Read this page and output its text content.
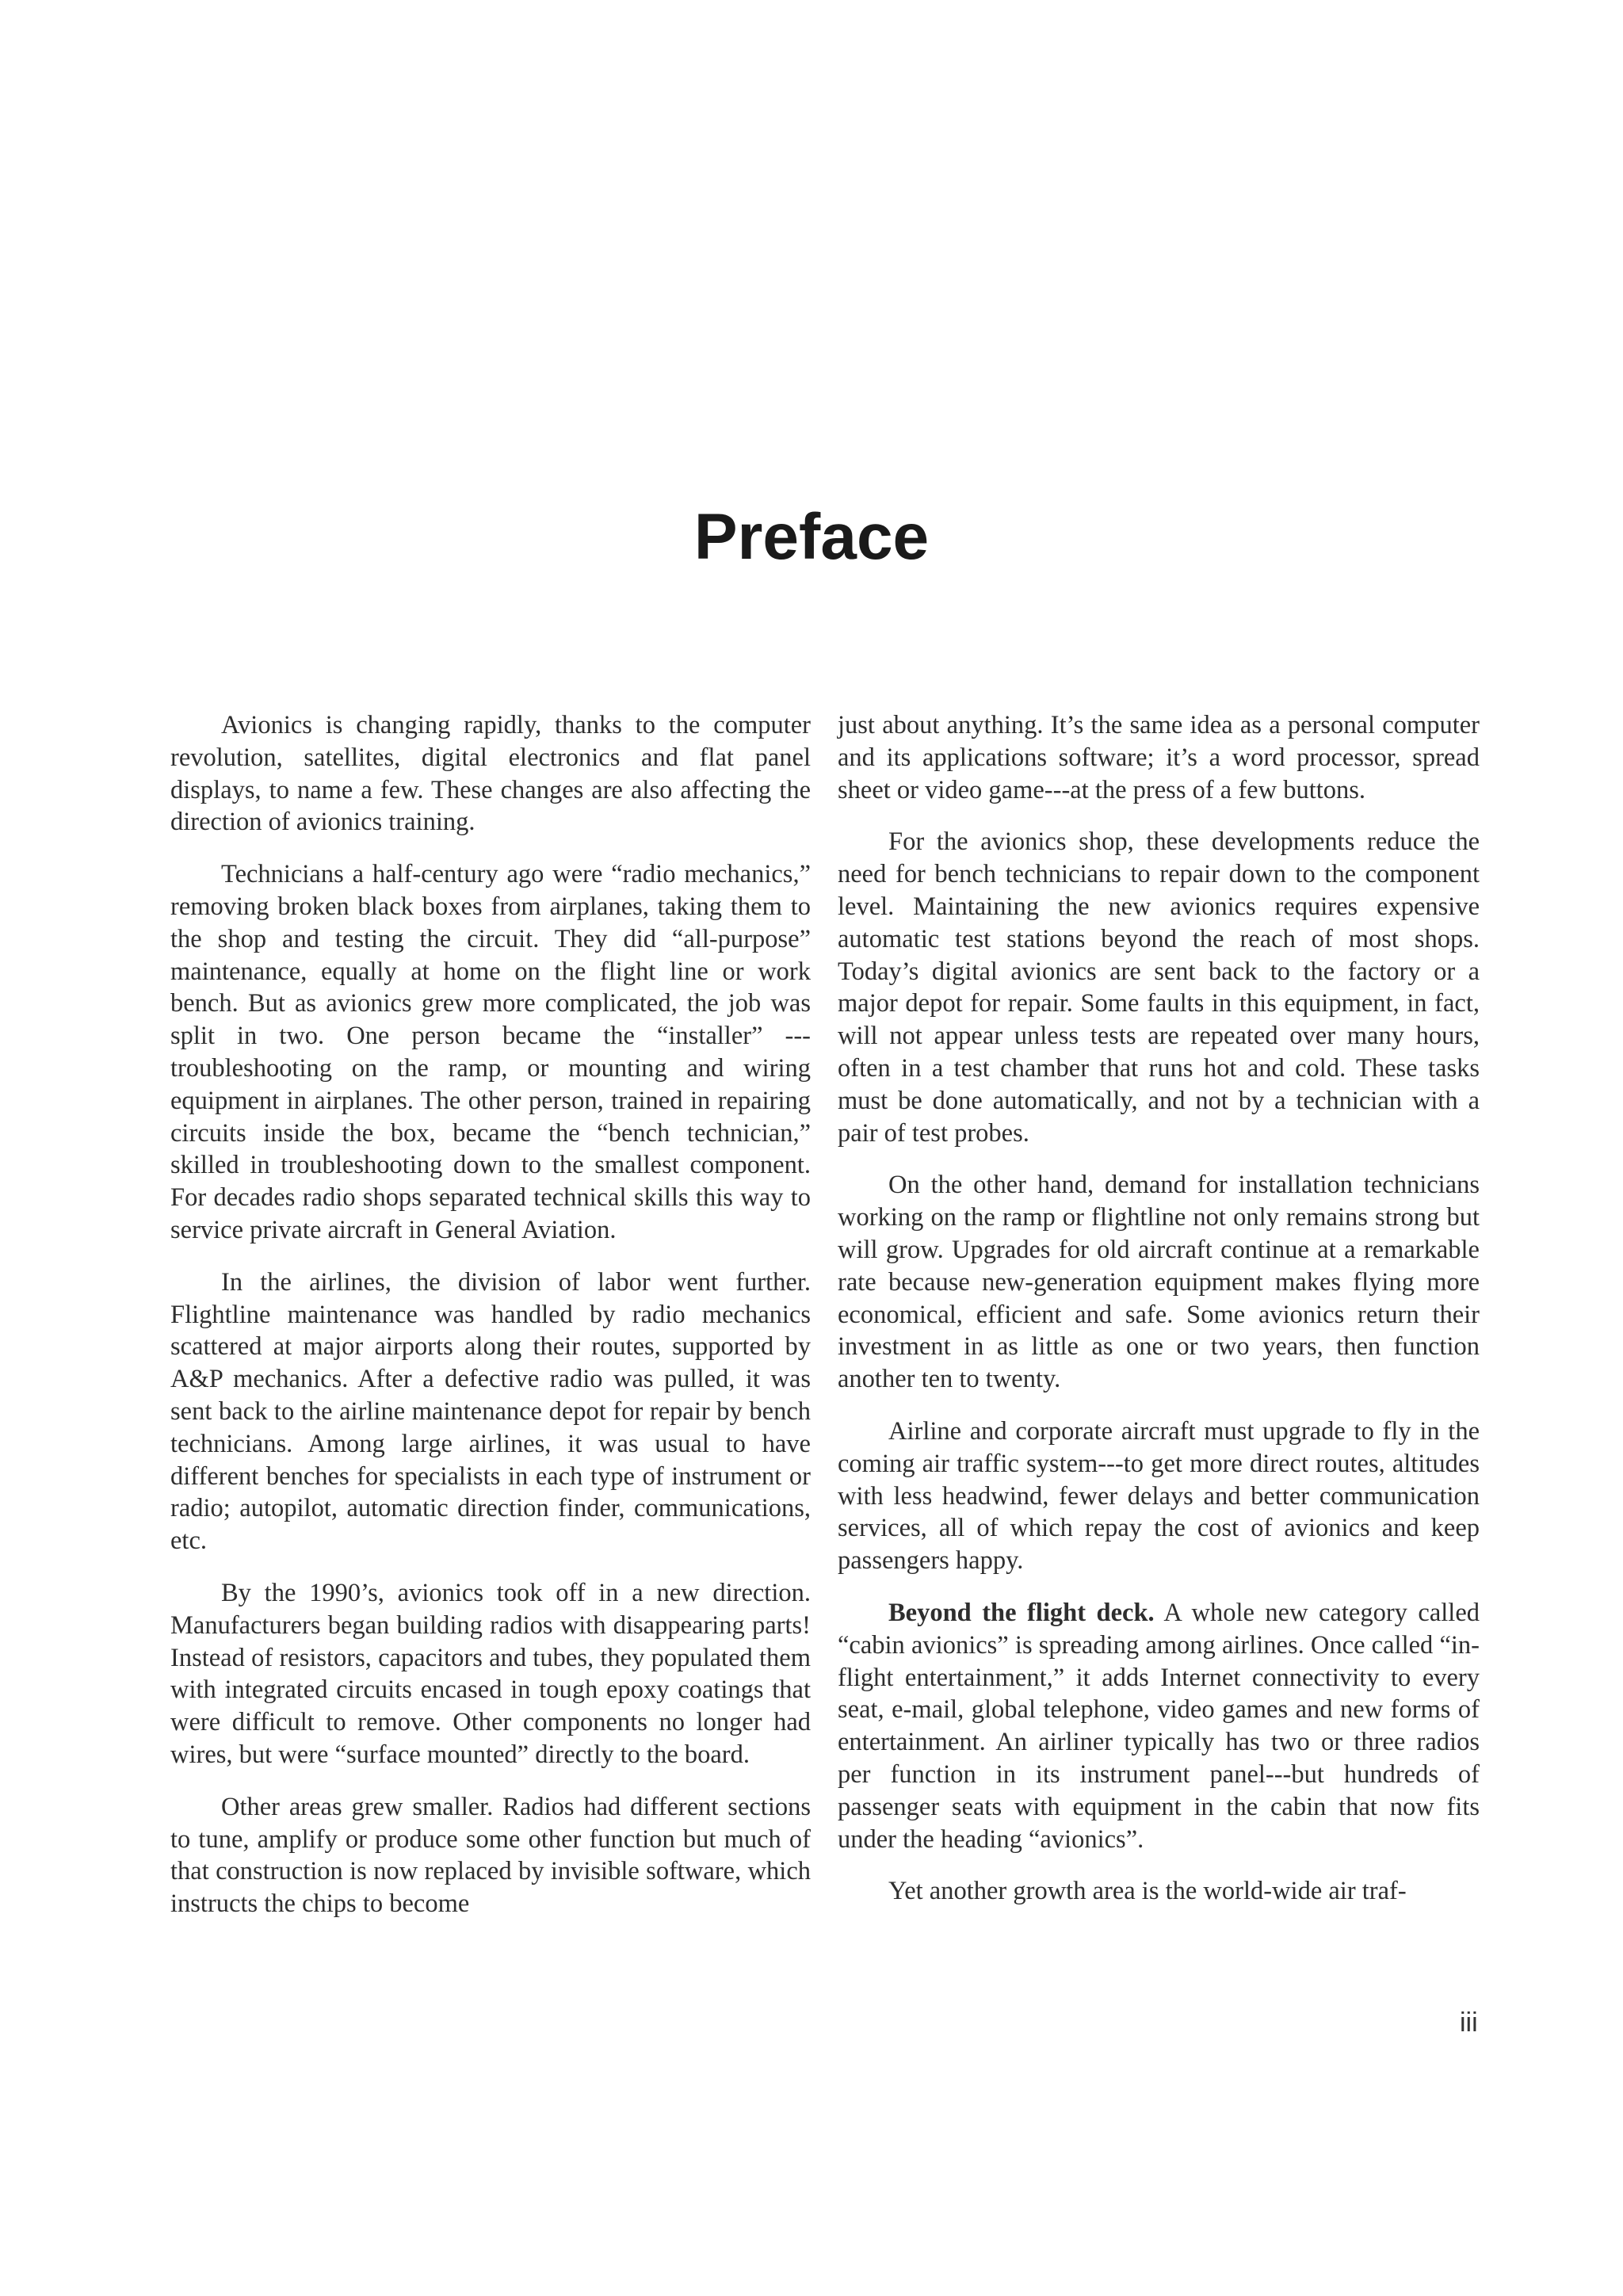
Preface

Avionics is changing rapidly, thanks to the computer revolution, satellites, digital electronics and flat panel displays, to name a few. These changes are also affecting the direction of avionics training.

Technicians a half-century ago were “radio mechanics,” removing broken black boxes from airplanes, taking them to the shop and testing the circuit. They did “all-purpose” maintenance, equally at home on the flight line or work bench. But as avionics grew more complicated, the job was split in two. One person became the “installer” ---troubleshooting on the ramp, or mounting and wiring equipment in airplanes. The other person, trained in repairing circuits inside the box, became the “bench technician,” skilled in troubleshooting down to the smallest component. For decades radio shops separated technical skills this way to service private aircraft in General Aviation.

In the airlines, the division of labor went further. Flightline maintenance was handled by radio mechanics scattered at major airports along their routes, supported by A&P mechanics. After a defective radio was pulled, it was sent back to the airline maintenance depot for repair by bench technicians. Among large airlines, it was usual to have different benches for specialists in each type of instrument or radio; autopilot, automatic direction finder, communications, etc.

By the 1990’s, avionics took off in a new direction. Manufacturers began building radios with disappearing parts! Instead of resistors, capacitors and tubes, they populated them with integrated circuits encased in tough epoxy coatings that were difficult to remove. Other components no longer had wires, but were “surface mounted” directly to the board.

Other areas grew smaller. Radios had different sections to tune, amplify or produce some other function but much of that construction is now replaced by invisible software, which instructs the chips to become

just about anything. It’s the same idea as a personal computer and its applications software; it’s a word processor, spread sheet or video game---at the press of a few buttons.

For the avionics shop, these developments reduce the need for bench technicians to repair down to the component level. Maintaining the new avionics requires expensive automatic test stations beyond the reach of most shops. Today’s digital avionics are sent back to the factory or a major depot for repair. Some faults in this equipment, in fact, will not appear unless tests are repeated over many hours, often in a test chamber that runs hot and cold. These tasks must be done automatically, and not by a technician with a pair of test probes.

On the other hand, demand for installation technicians working on the ramp or flightline not only remains strong but will grow. Upgrades for old aircraft continue at a remarkable rate because new-generation equipment makes flying more economical, efficient and safe. Some avionics return their investment in as little as one or two years, then function another ten to twenty.

Airline and corporate aircraft must upgrade to fly in the coming air traffic system---to get more direct routes, altitudes with less headwind, fewer delays and better communication services, all of which repay the cost of avionics and keep passengers happy.

Beyond the flight deck. A whole new category called “cabin avionics” is spreading among airlines. Once called “in-flight entertainment,” it adds Internet connectivity to every seat, e-mail, global telephone, video games and new forms of entertainment. An airliner typically has two or three radios per function in its instrument panel---but hundreds of passenger seats with equipment in the cabin that now fits under the heading “avionics”.

Yet another growth area is the world-wide air traf-

iii
